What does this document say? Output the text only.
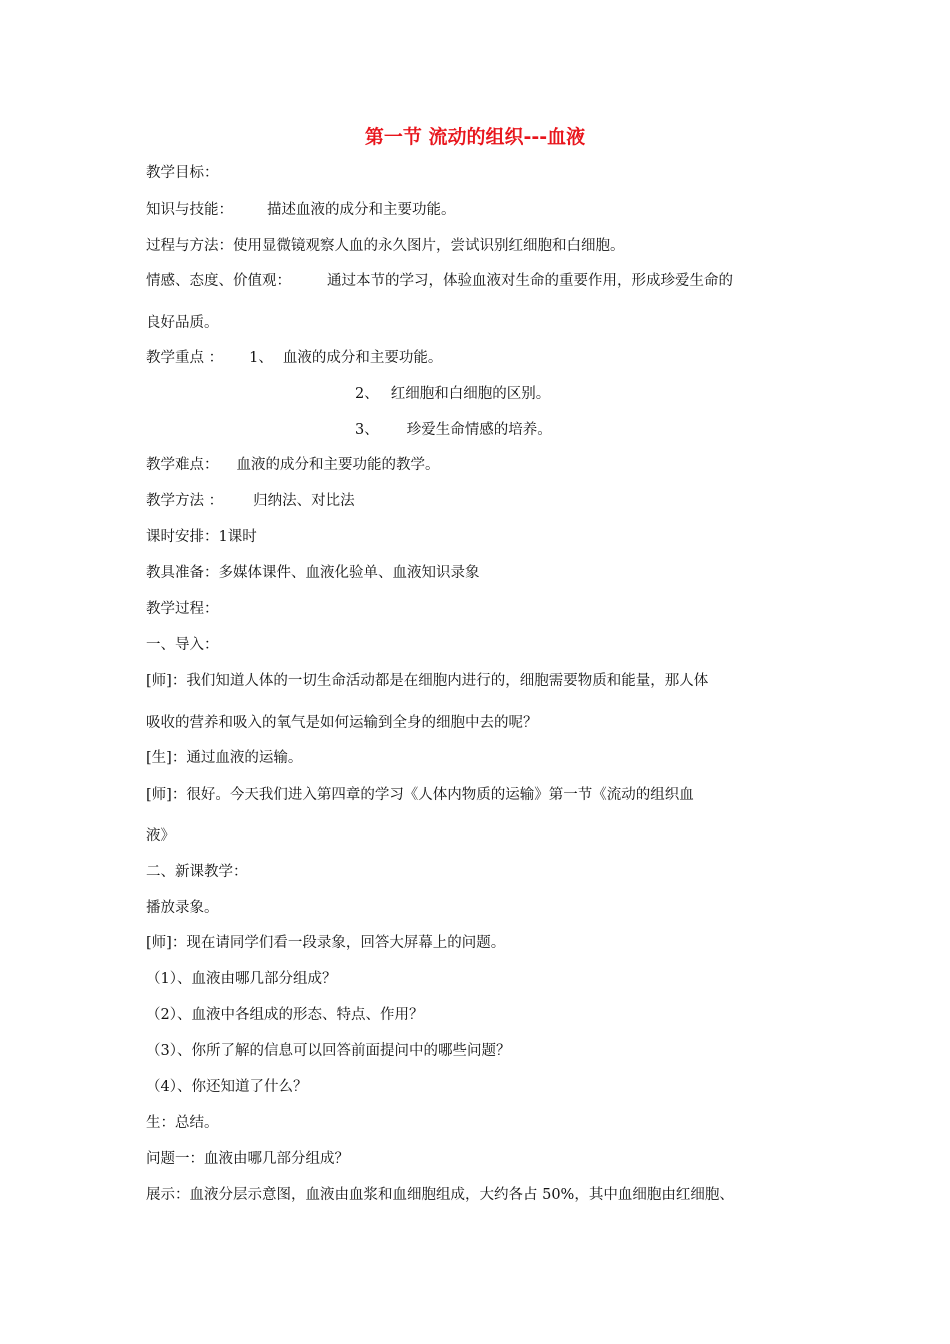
第一节 流动的组织---血液

教学目标：

知识与技能： 描述血液的成分和主要功能。

过程与方法：使用显微镜观察人血的永久图片，尝试识别红细胞和白细胞。

情感、态度、价值观： 通过本节的学习，体验血液对生命的重要作用，形成珍爱生命的

良好品质。

教学重点 ： 1、 血液的成分和主要功能。

2、 红细胞和白细胞的区别。

3、 珍爱生命情感的培养。

教学难点： 血液的成分和主要功能的教学。

教学方法 ： 归纳法、对比法

课时安排：1课时

教具准备：多媒体课件、血液化验单、血液知识录象

教学过程：

一、导入：

[师]：我们知道人体的一切生命活动都是在细胞内进行的，细胞需要物质和能量，那人体

吸收的营养和吸入的氧气是如何运输到全身的细胞中去的呢？

[生]：通过血液的运输。

[师]：很好。今天我们进入第四章的学习《人体内物质的运输》第一节《流动的组织血

液》

二、新课教学：

播放录象。

[师]：现在请同学们看一段录象，回答大屏幕上的问题。

（1）、血液由哪几部分组成？

（2）、血液中各组成的形态、特点、作用？

（3）、你所了解的信息可以回答前面提问中的哪些问题？

（4）、你还知道了什么？

生：总结。

问题一：血液由哪几部分组成？

展示：血液分层示意图，血液由血浆和血细胞组成，大约各占 50%，其中血细胞由红细胞、
